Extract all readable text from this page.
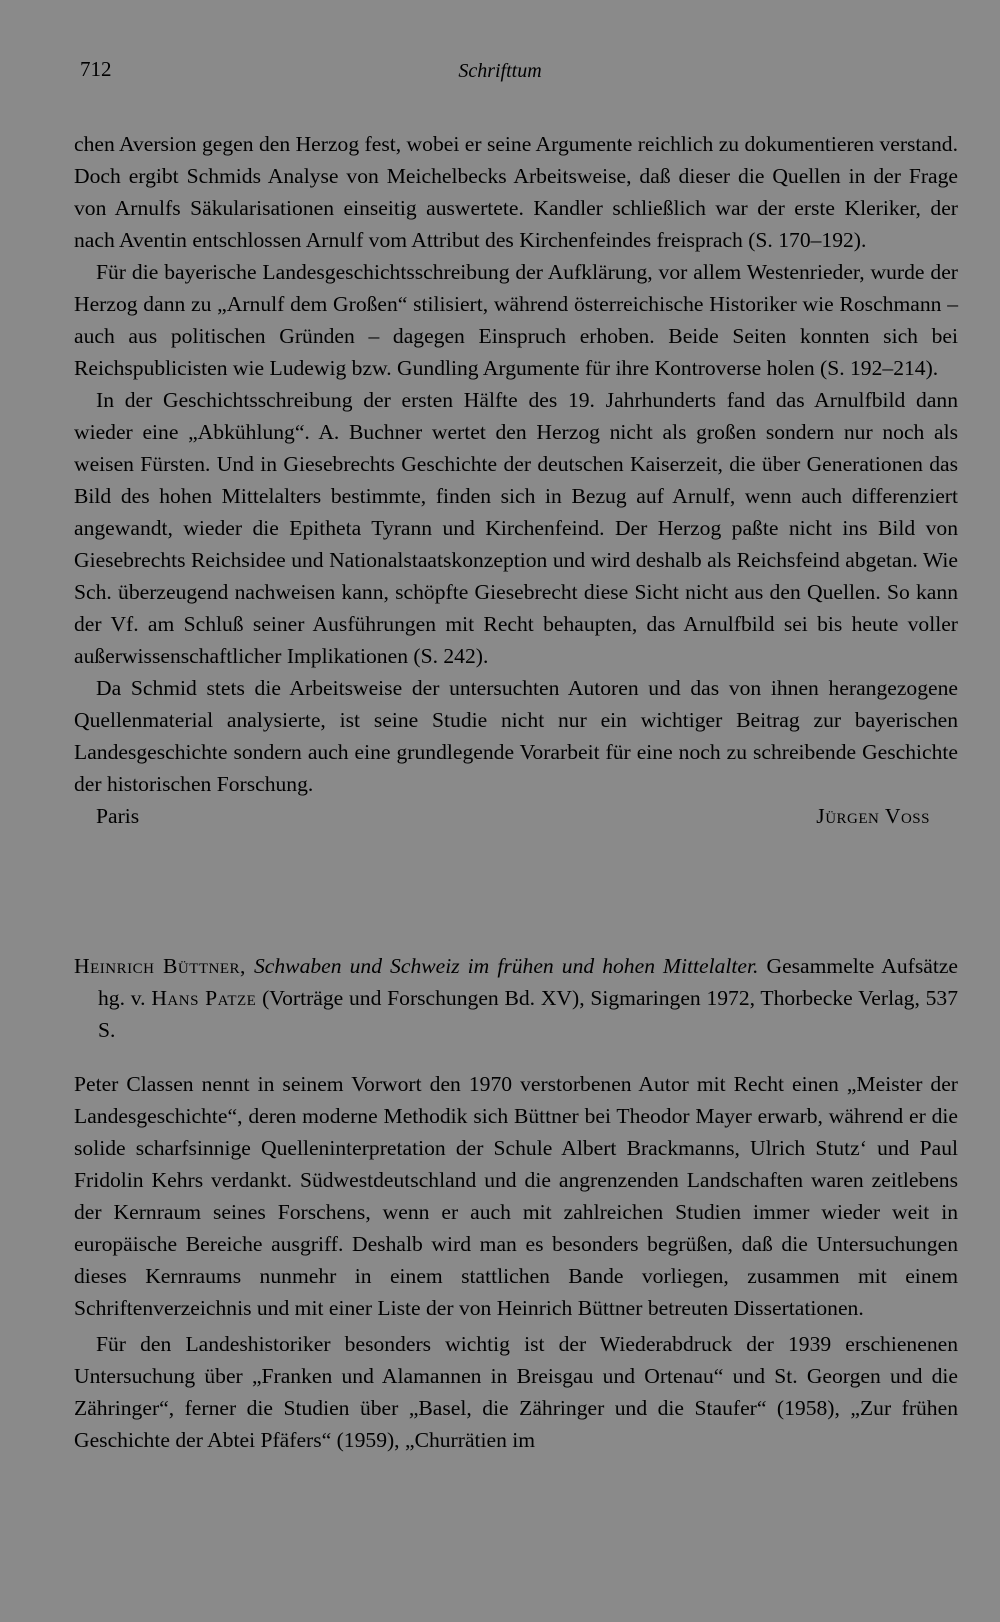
712	Schrifttum

chen Aversion gegen den Herzog fest, wobei er seine Argumente reichlich zu dokumentieren verstand. Doch ergibt Schmids Analyse von Meichelbecks Arbeitsweise, daß dieser die Quellen in der Frage von Arnulfs Säkularisationen einseitig auswertete. Kandler schließlich war der erste Kleriker, der nach Aventin entschlossen Arnulf vom Attribut des Kirchenfeindes freisprach (S. 170–192).

Für die bayerische Landesgeschichtsschreibung der Aufklärung, vor allem Westenrieder, wurde der Herzog dann zu „Arnulf dem Großen“ stilisiert, während österreichische Historiker wie Roschmann – auch aus politischen Gründen – dagegen Einspruch erhoben. Beide Seiten konnten sich bei Reichspublicisten wie Ludewig bzw. Gundling Argumente für ihre Kontroverse holen (S. 192–214).

In der Geschichtsschreibung der ersten Hälfte des 19. Jahrhunderts fand das Arnulfbild dann wieder eine „Abkühlung“. A. Buchner wertet den Herzog nicht als großen sondern nur noch als weisen Fürsten. Und in Giesebrechts Geschichte der deutschen Kaiserzeit, die über Generationen das Bild des hohen Mittelalters bestimmte, finden sich in Bezug auf Arnulf, wenn auch differenziert angewandt, wieder die Epitheta Tyrann und Kirchenfeind. Der Herzog paßte nicht ins Bild von Giesebrechts Reichsidee und Nationalstaatskonzeption und wird deshalb als Reichsfeind abgetan. Wie Sch. überzeugend nachweisen kann, schöpfte Giesebrecht diese Sicht nicht aus den Quellen. So kann der Vf. am Schluß seiner Ausführungen mit Recht behaupten, das Arnulfbild sei bis heute voller außerwissenschaftlicher Implikationen (S. 242).

Da Schmid stets die Arbeitsweise der untersuchten Autoren und das von ihnen herangezogene Quellenmaterial analysierte, ist seine Studie nicht nur ein wichtiger Beitrag zur bayerischen Landesgeschichte sondern auch eine grundlegende Vorarbeit für eine noch zu schreibende Geschichte der historischen Forschung.

Paris	Jürgen Voss

Heinrich Büttner, Schwaben und Schweiz im frühen und hohen Mittelalter. Gesammelte Aufsätze hg. v. Hans Patze (Vorträge und Forschungen Bd. XV), Sigmaringen 1972, Thorbecke Verlag, 537 S.

Peter Classen nennt in seinem Vorwort den 1970 verstorbenen Autor mit Recht einen „Meister der Landesgeschichte“, deren moderne Methodik sich Büttner bei Theodor Mayer erwarb, während er die solide scharfsinnige Quelleninterpretation der Schule Albert Brackmanns, Ulrich Stutz‘ und Paul Fridolin Kehrs verdankt. Südwestdeutschland und die angrenzenden Landschaften waren zeitlebens der Kernraum seines Forschens, wenn er auch mit zahlreichen Studien immer wieder weit in europäische Bereiche ausgriff. Deshalb wird man es besonders begrüßen, daß die Untersuchungen dieses Kernraums nunmehr in einem stattlichen Bande vorliegen, zusammen mit einem Schriftenverzeichnis und mit einer Liste der von Heinrich Büttner betreuten Dissertationen.

Für den Landeshistoriker besonders wichtig ist der Wiederabdruck der 1939 erschienenen Untersuchung über „Franken und Alamannen in Breisgau und Ortenau“ und St. Georgen und die Zähringer“, ferner die Studien über „Basel, die Zähringer und die Staufer“ (1958), „Zur frühen Geschichte der Abtei Pfäfers“ (1959), „Churrätien im
